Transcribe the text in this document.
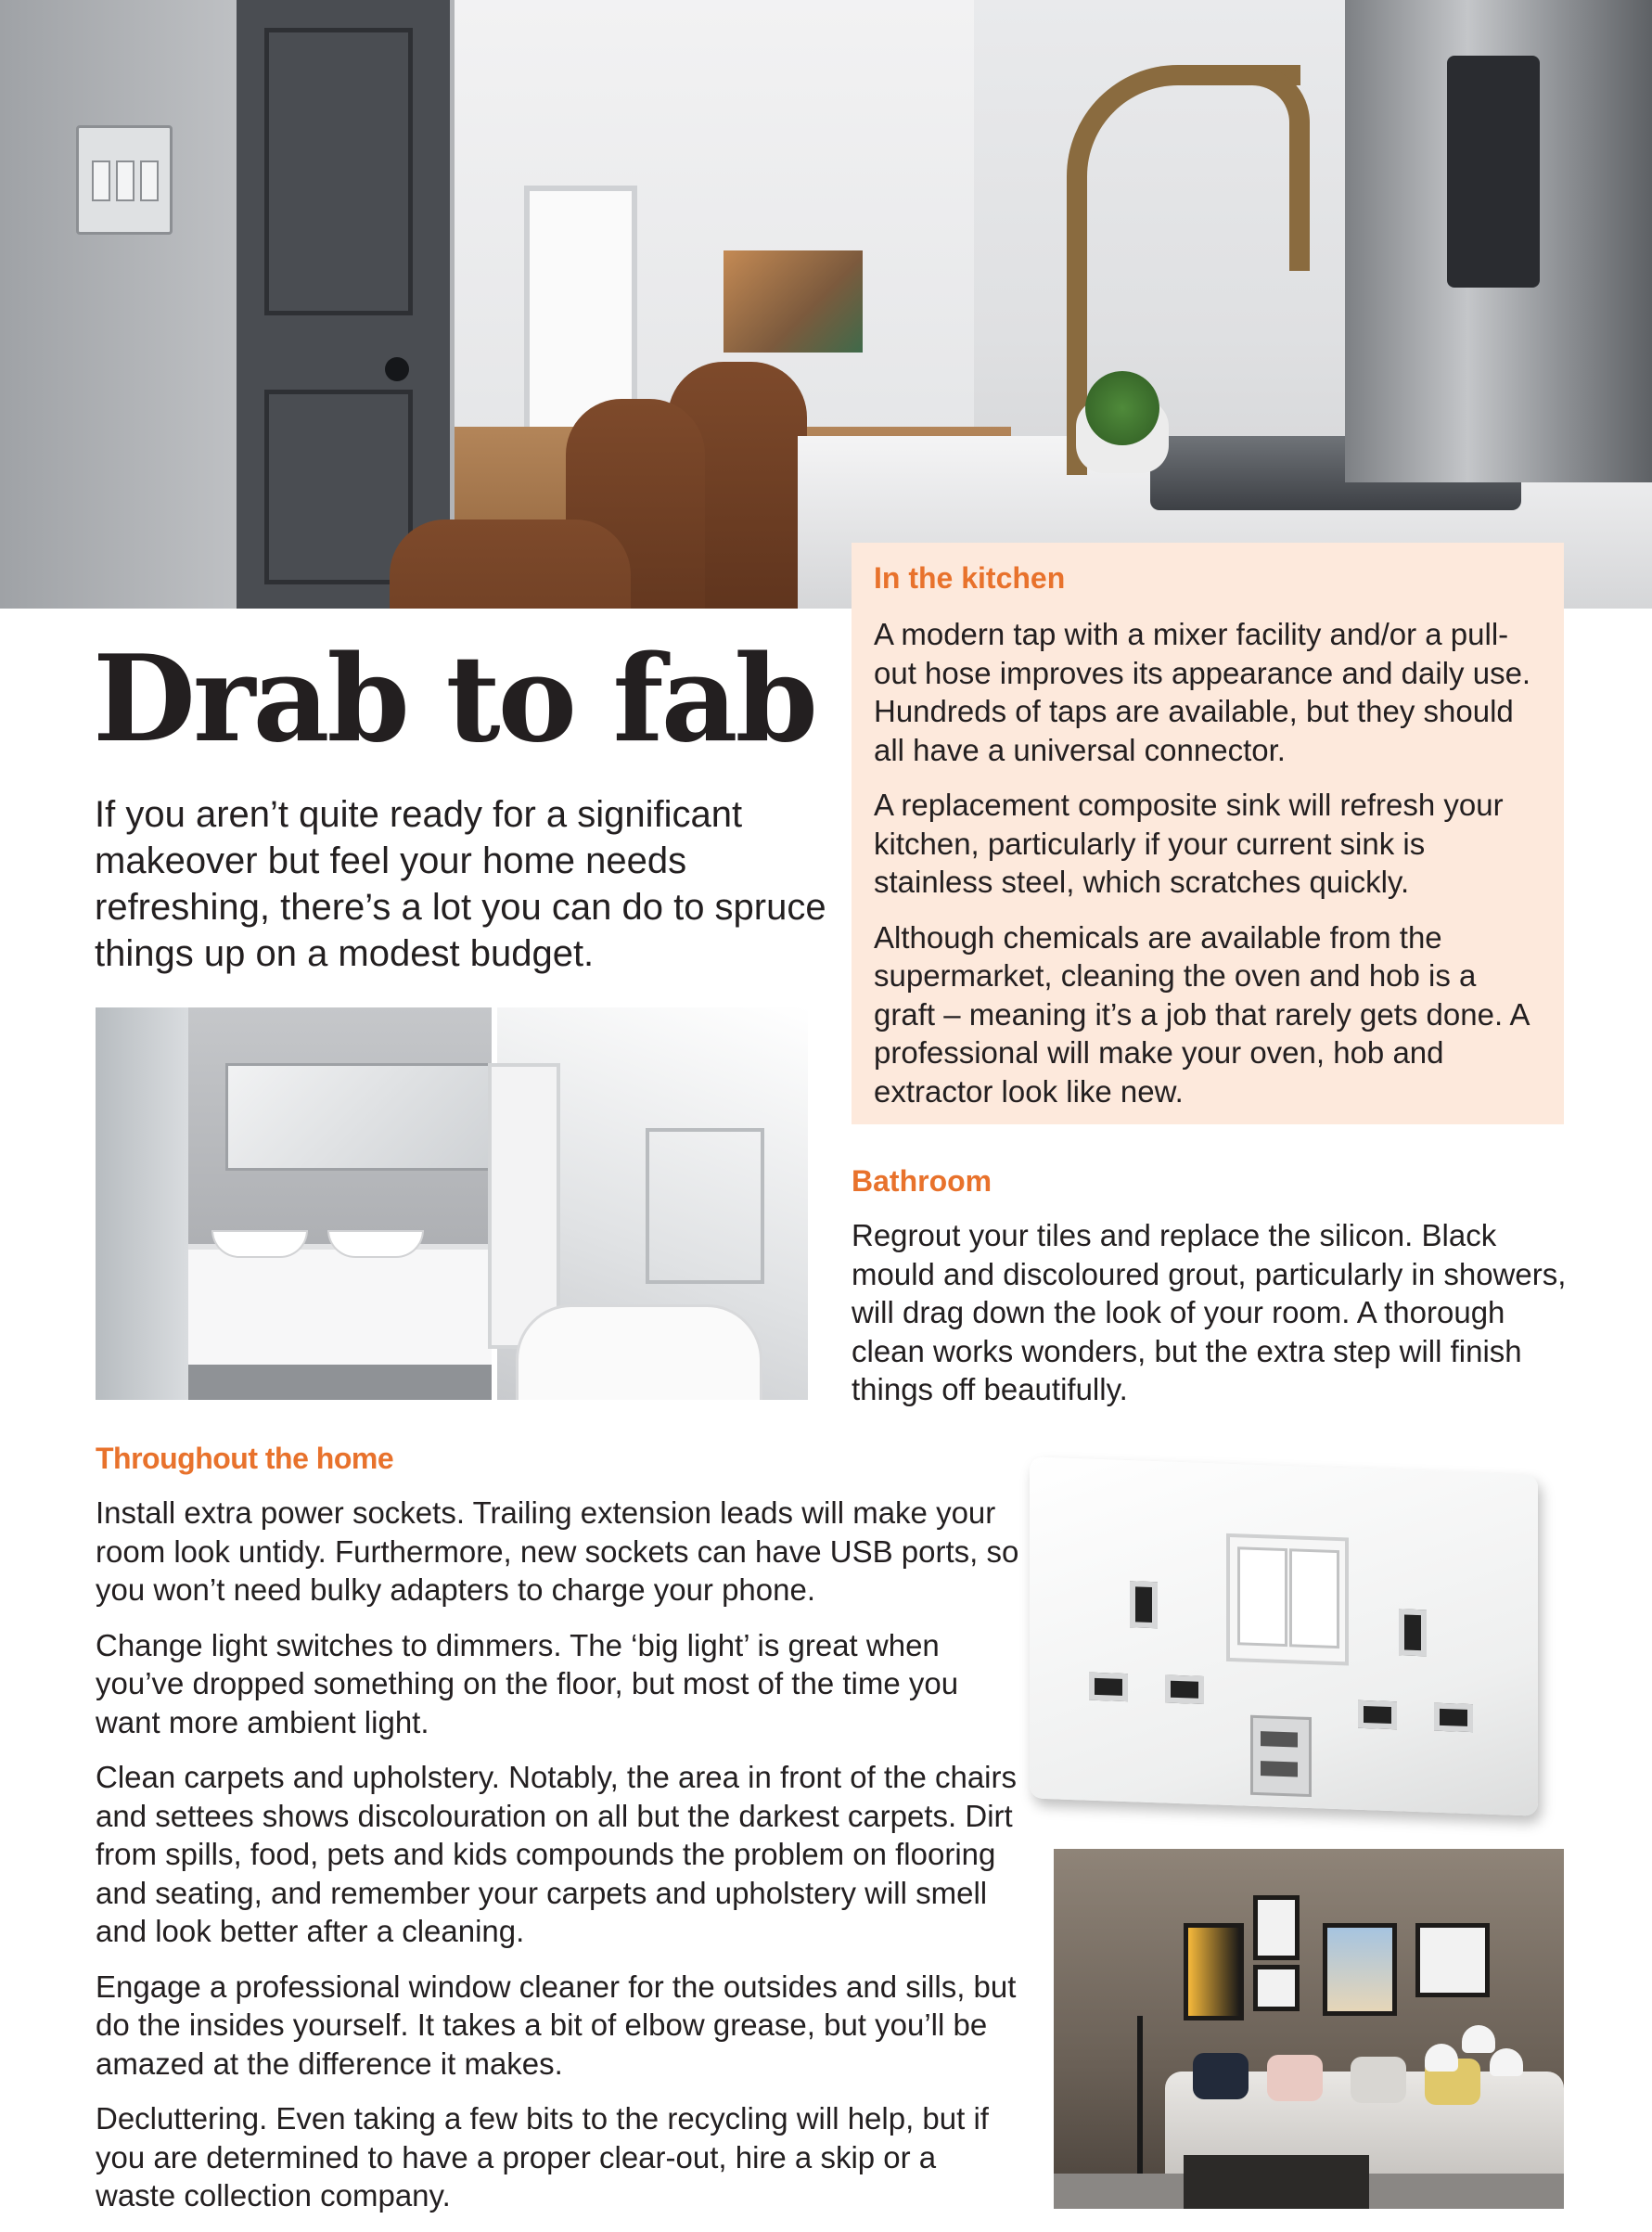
In the kitchen

A modern tap with a mixer facility and/or a pull-out hose improves its appearance and daily use. Hundreds of taps are available, but they should all have a universal connector.

A replacement composite sink will refresh your kitchen, particularly if your current sink is stainless steel, which scratches quickly.

Although chemicals are available from the supermarket, cleaning the oven and hob is a graft – meaning it’s a job that rarely gets done. A professional will make your oven, hob and extractor look like new.

Drab to fab

If you aren’t quite ready for a significant makeover but feel your home needs refreshing, there’s a lot you can do to spruce things up on a modest budget.

Bathroom

Regrout your tiles and replace the silicon. Black mould and discoloured grout, particularly in showers, will drag down the look of your room. A thorough clean works wonders, but the extra step will finish things off beautifully.

Throughout the home

Install extra power sockets. Trailing extension leads will make your room look untidy. Furthermore, new sockets can have USB ports, so you won’t need bulky adapters to charge your phone.

Change light switches to dimmers. The ‘big light’ is great when you’ve dropped something on the floor, but most of the time you want more ambient light.

Clean carpets and upholstery. Notably, the area in front of the chairs and settees shows discolouration on all but the darkest carpets. Dirt from spills, food, pets and kids compounds the problem on flooring and seating, and remember your carpets and upholstery will smell and look better after a cleaning.

Engage a professional window cleaner for the outsides and sills, but do the insides yourself. It takes a bit of elbow grease, but you’ll be amazed at the difference it makes.

Decluttering. Even taking a few bits to the recycling will help, but if you are determined to have a proper clear-out, hire a skip or a waste collection company.
